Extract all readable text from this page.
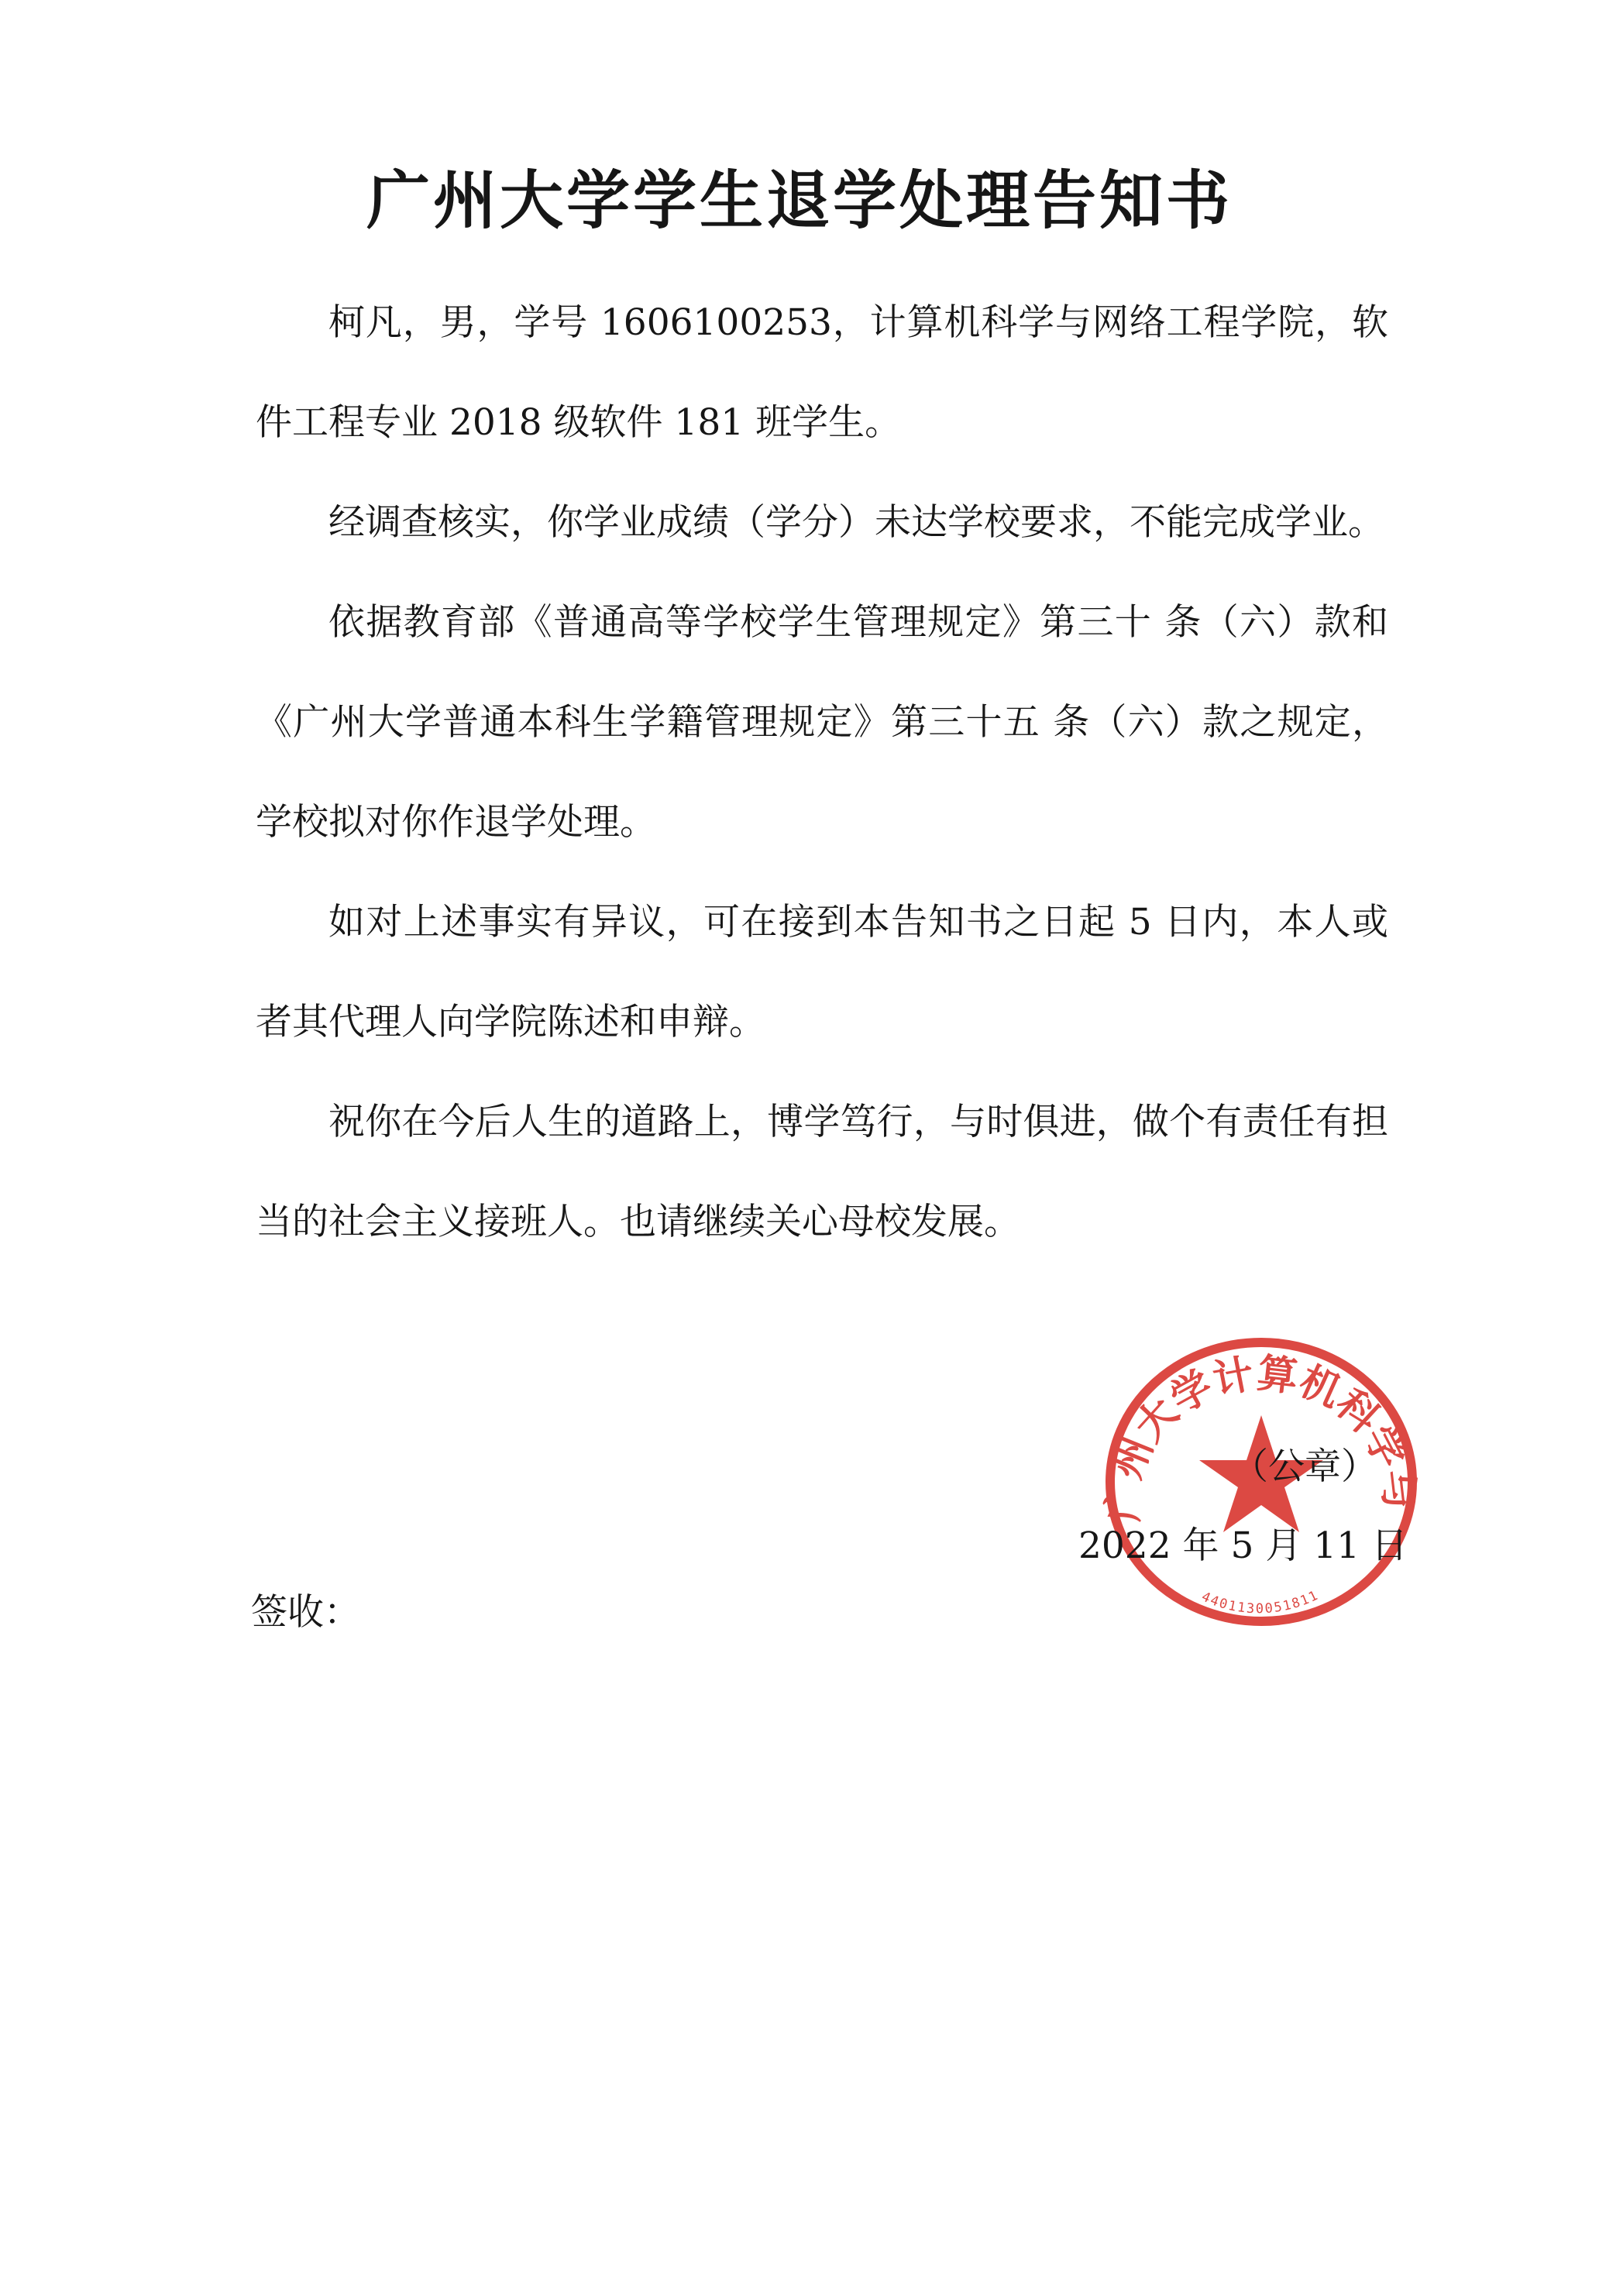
广州大学学生退学处理告知书

柯凡，男，学号 1606100253，计算机科学与网络工程学院，软件工程专业 2018 级软件 181 班学生。

经调查核实，你学业成绩（学分）未达学校要求，不能完成学业。

依据教育部《普通高等学校学生管理规定》第三十 条（六）款和《广州大学普通本科生学籍管理规定》第三十五 条（六）款之规定，学校拟对你作退学处理。

如对上述事实有异议，可在接到本告知书之日起 5 日内，本人或者其代理人向学院陈述和申辩。

祝你在今后人生的道路上，博学笃行，与时俱进，做个有责任有担当的社会主义接班人。也请继续关心母校发展。

广州大学计算机科学与
4401130051811
（公章）
2022 年 5 月 11 日
签收：
